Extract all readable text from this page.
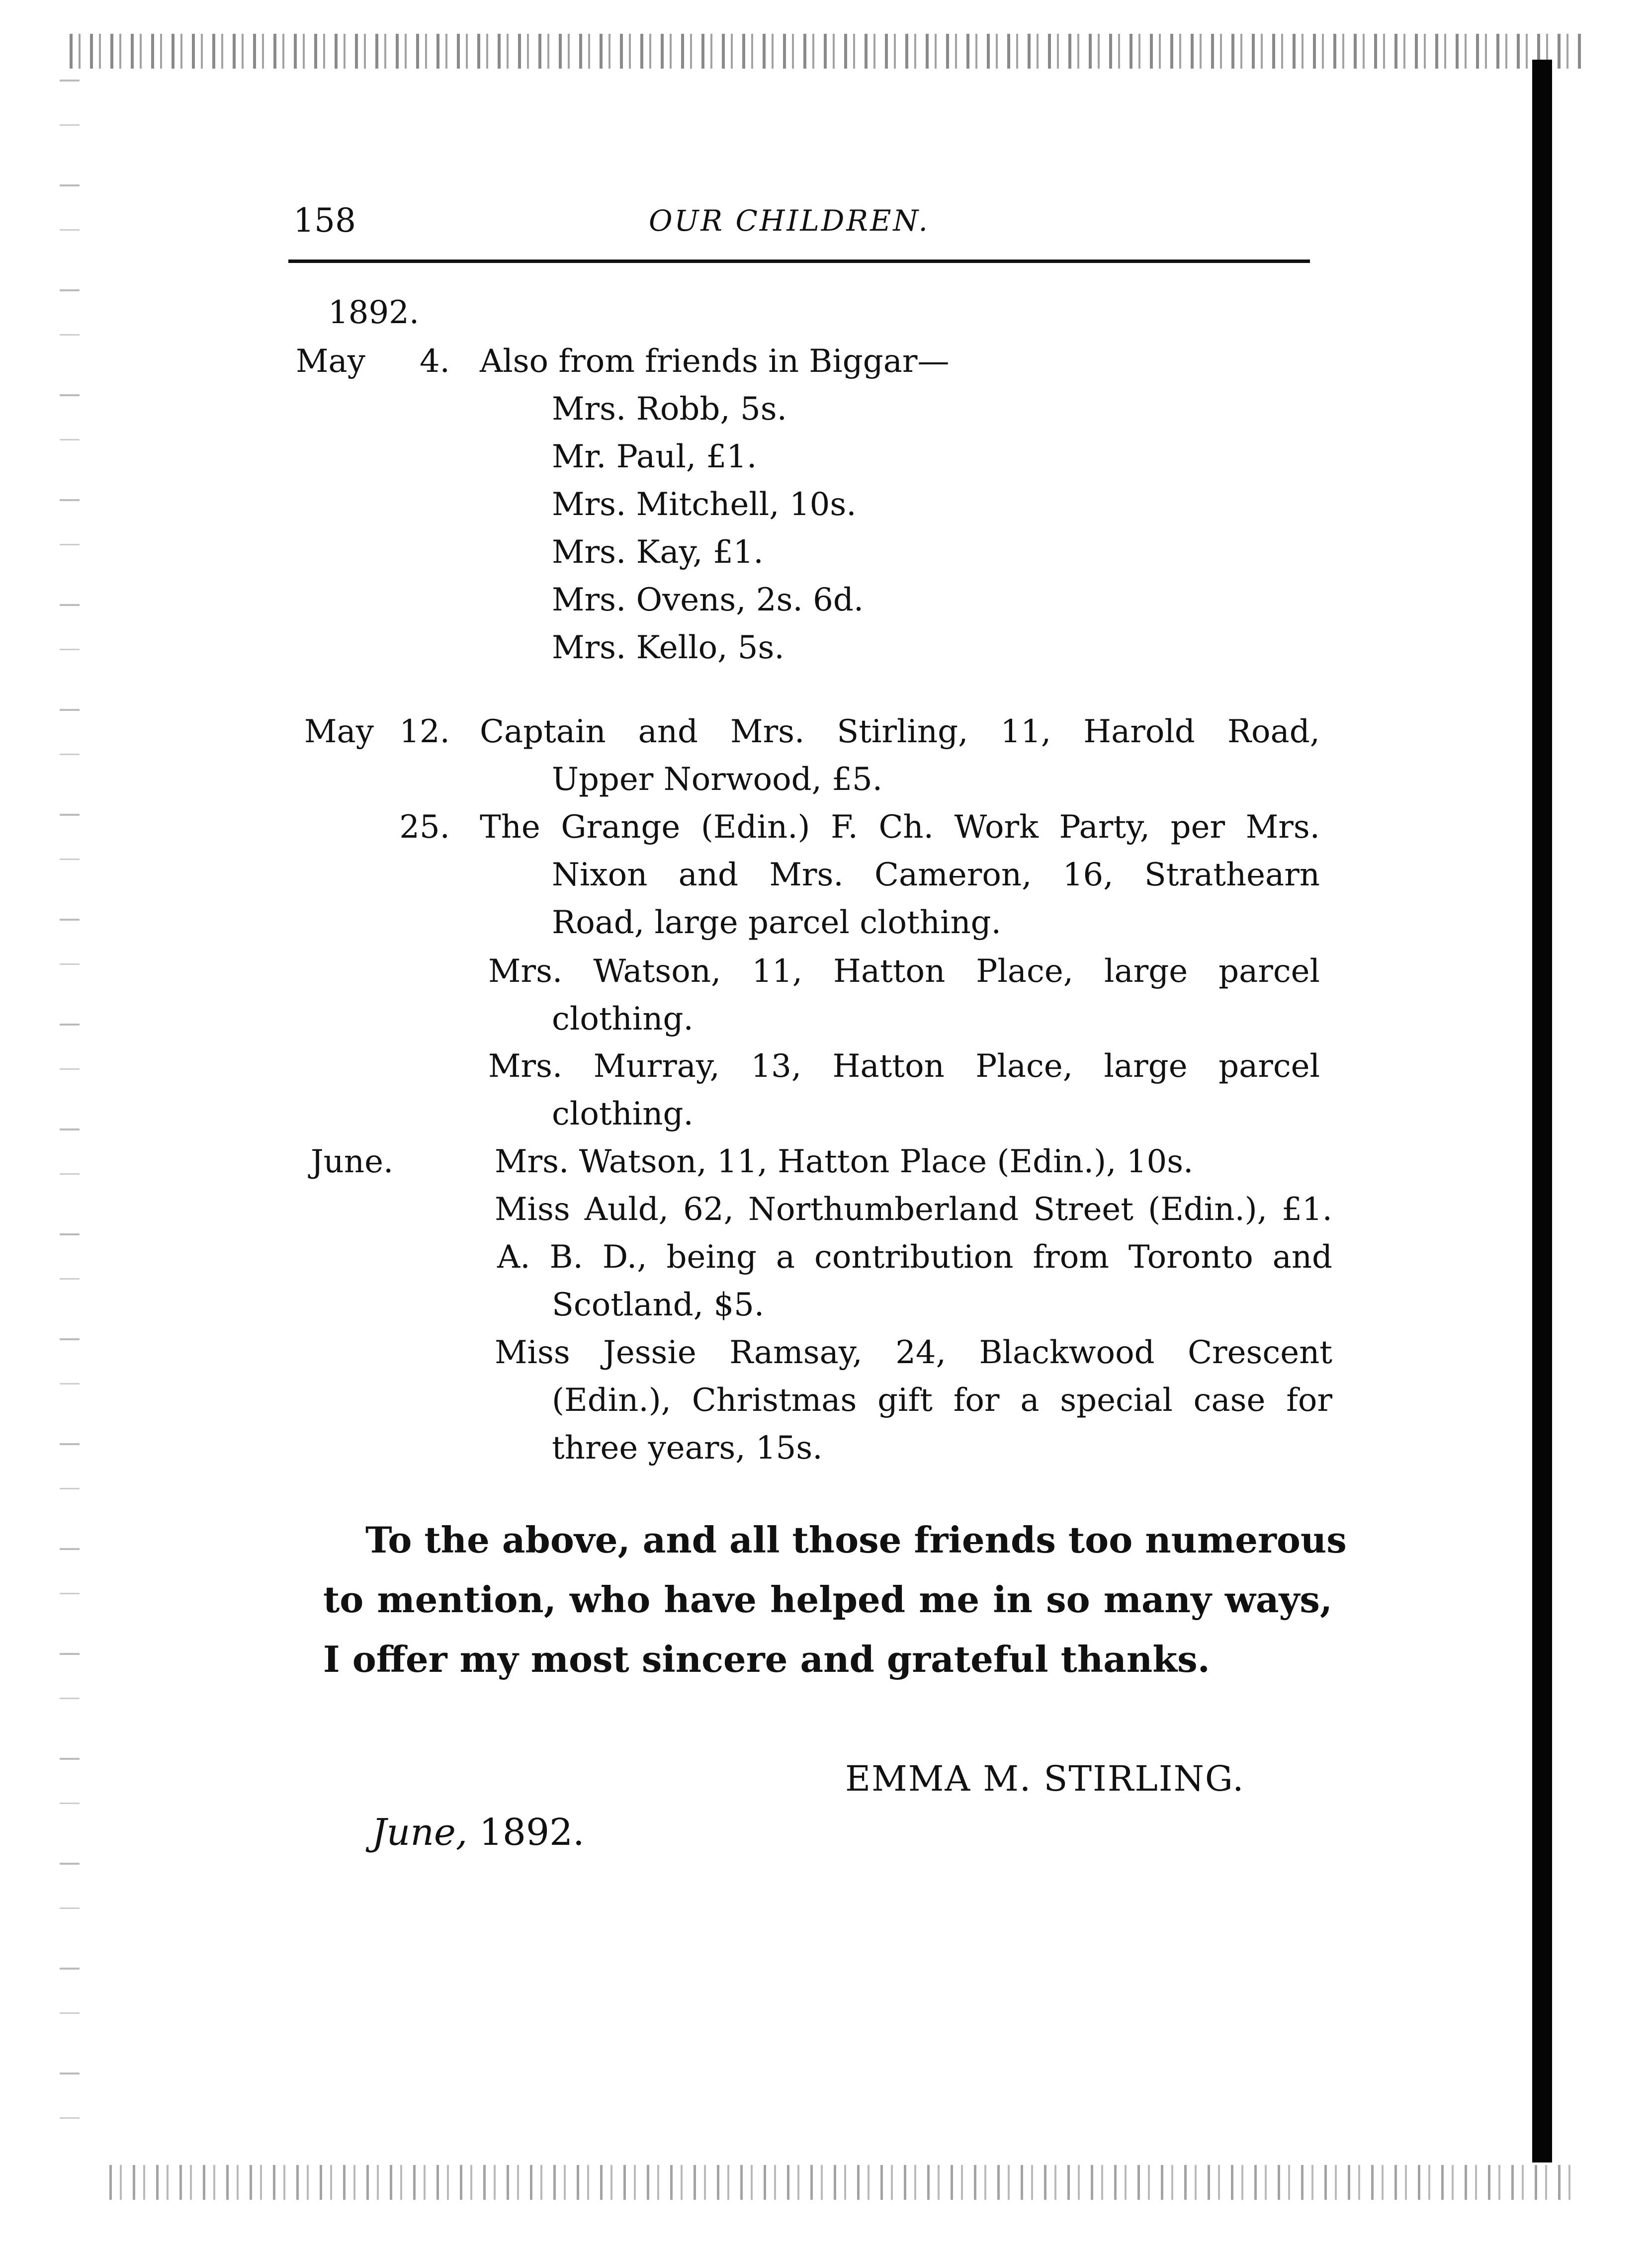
158	OUR CHILDREN.
1892.
May	4. Also from friends in Biggar—
Mrs. Robb, 5s.
Mr. Paul, £1.
Mrs. Mitchell, 10s.
Mrs. Kay, £1.
Mrs. Ovens, 2s. 6d.
Mrs. Kello, 5s.
May 12. Captain and Mrs. Stirling, 11, Harold Road,
Upper Norwood, £5.
25. The Grange (Edin.) F. Ch. Work Party, per Mrs.
Nixon and Mrs. Cameron, 16, Strathearn
Road, large parcel clothing.
Mrs. Watson, 11, Hatton Place, large parcel
clothing.
Mrs. Murray, 13, Hatton Place, large parcel
clothing.
June.	Mrs. Watson, 11, Hatton Place (Edin.), 10s.
Miss Auld, 62, Northumberland Street (Edin.), £1.
A. B. D., being a contribution from Toronto and
Scotland, $5.
Miss Jessie Ramsay, 24, Blackwood Crescent
(Edin.), Christmas gift for a special case for
three years, 15s.
To the above, and all those friends too numerous
to mention, who have helped me in so many ways,
I offer my most sincere and grateful thanks.
EMMA M. STIRLING.
June, 1892.
